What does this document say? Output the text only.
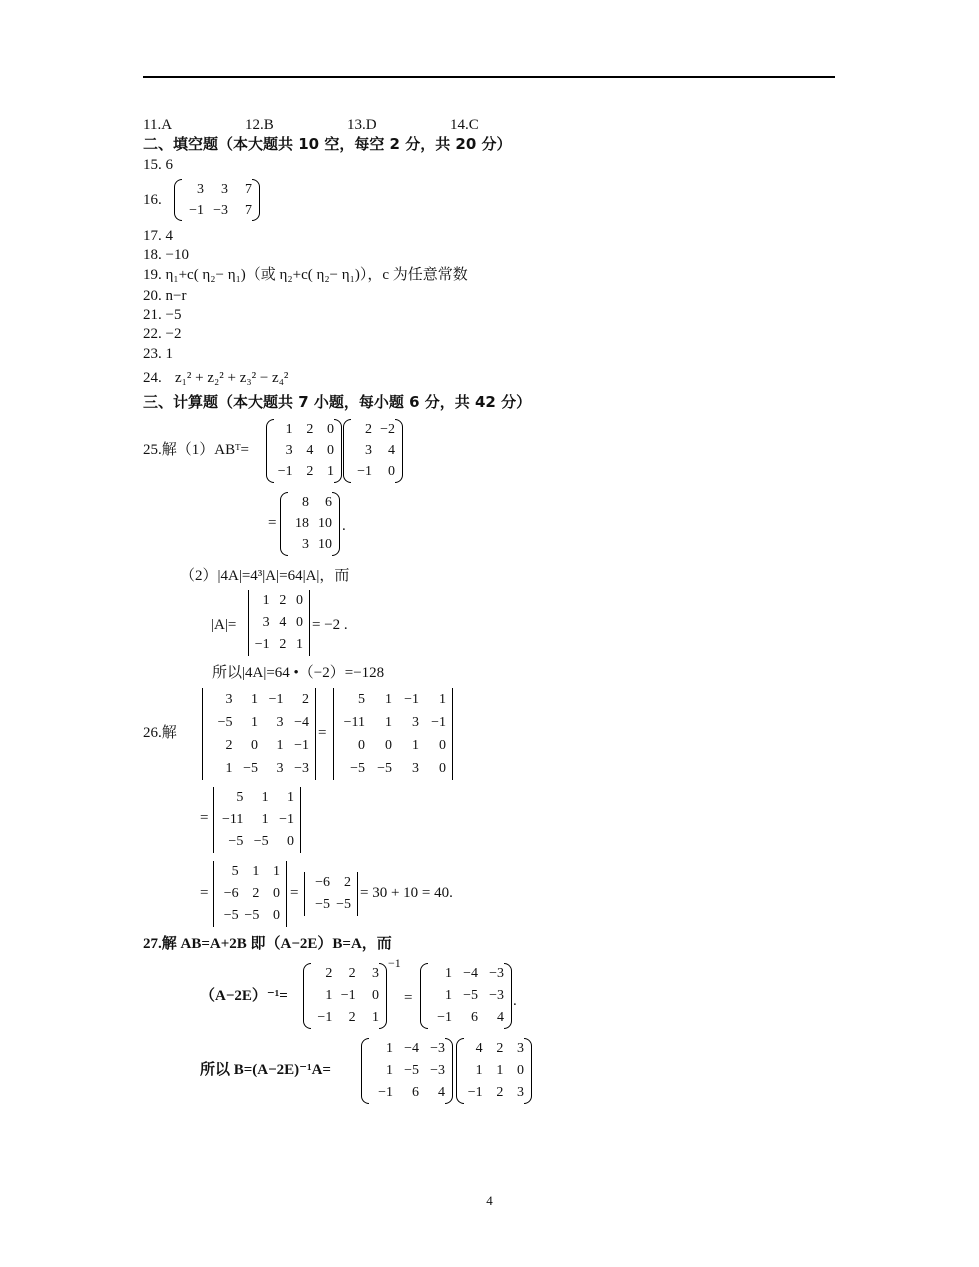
11.A	12.B	13.D	14.C
二、填空题（本大题共 10 空，每空 2 分，共 20 分）
15. 6
16.
3	3	7
−1 −3	7
17. 4
18. −10
19. η₁+c( η₂− η₁)（或 η₂+c( η₂− η₁)），c 为任意常数
20. n−r
21. −5
22. −2
23. 1
24. z₁² + z₂² + z₃² − z₄²
三、计算题（本大题共 7 小题，每小题 6 分，共 42 分）
25.解（1）ABᵀ=
1 2 0
3 4 0
−1 2 1
2 −2
3	4
−1	0
=
8	6
18 10
3 10
.
（2）|4A|=4³|A|=64|A|，而
|A|=
1 2 0
3 4 0
−1 2 1
= −2 .
所以|4A|=64 •（−2）=−128
26.解
3	1 −1	2
−5	1	3 −4
2	0	1 −1
1 −5	3 −3
=
5	1 −1	1
−11	1	3 −1
0	0	1	0
−5 −5	3	0
=
5	1	1
−11	1 −1
−5 −5	0
=
5 1 1
−6 2 0
−5 −5 0
=
−6	2
−5 −5
= 30 + 10 = 40.
27.解 AB=A+2B 即（A−2E）B=A，而
（A−2E）⁻¹=
2	2	3
1 −1	0
−1	2	1
−1
=
1 −4 −3
1 −5 −3
−1	6	4
.
所以 B=(A−2E)⁻¹A=
1 −4 −3
1 −5 −3
−1	6	4
4 2 3
1 1 0
−1 2 3
4
